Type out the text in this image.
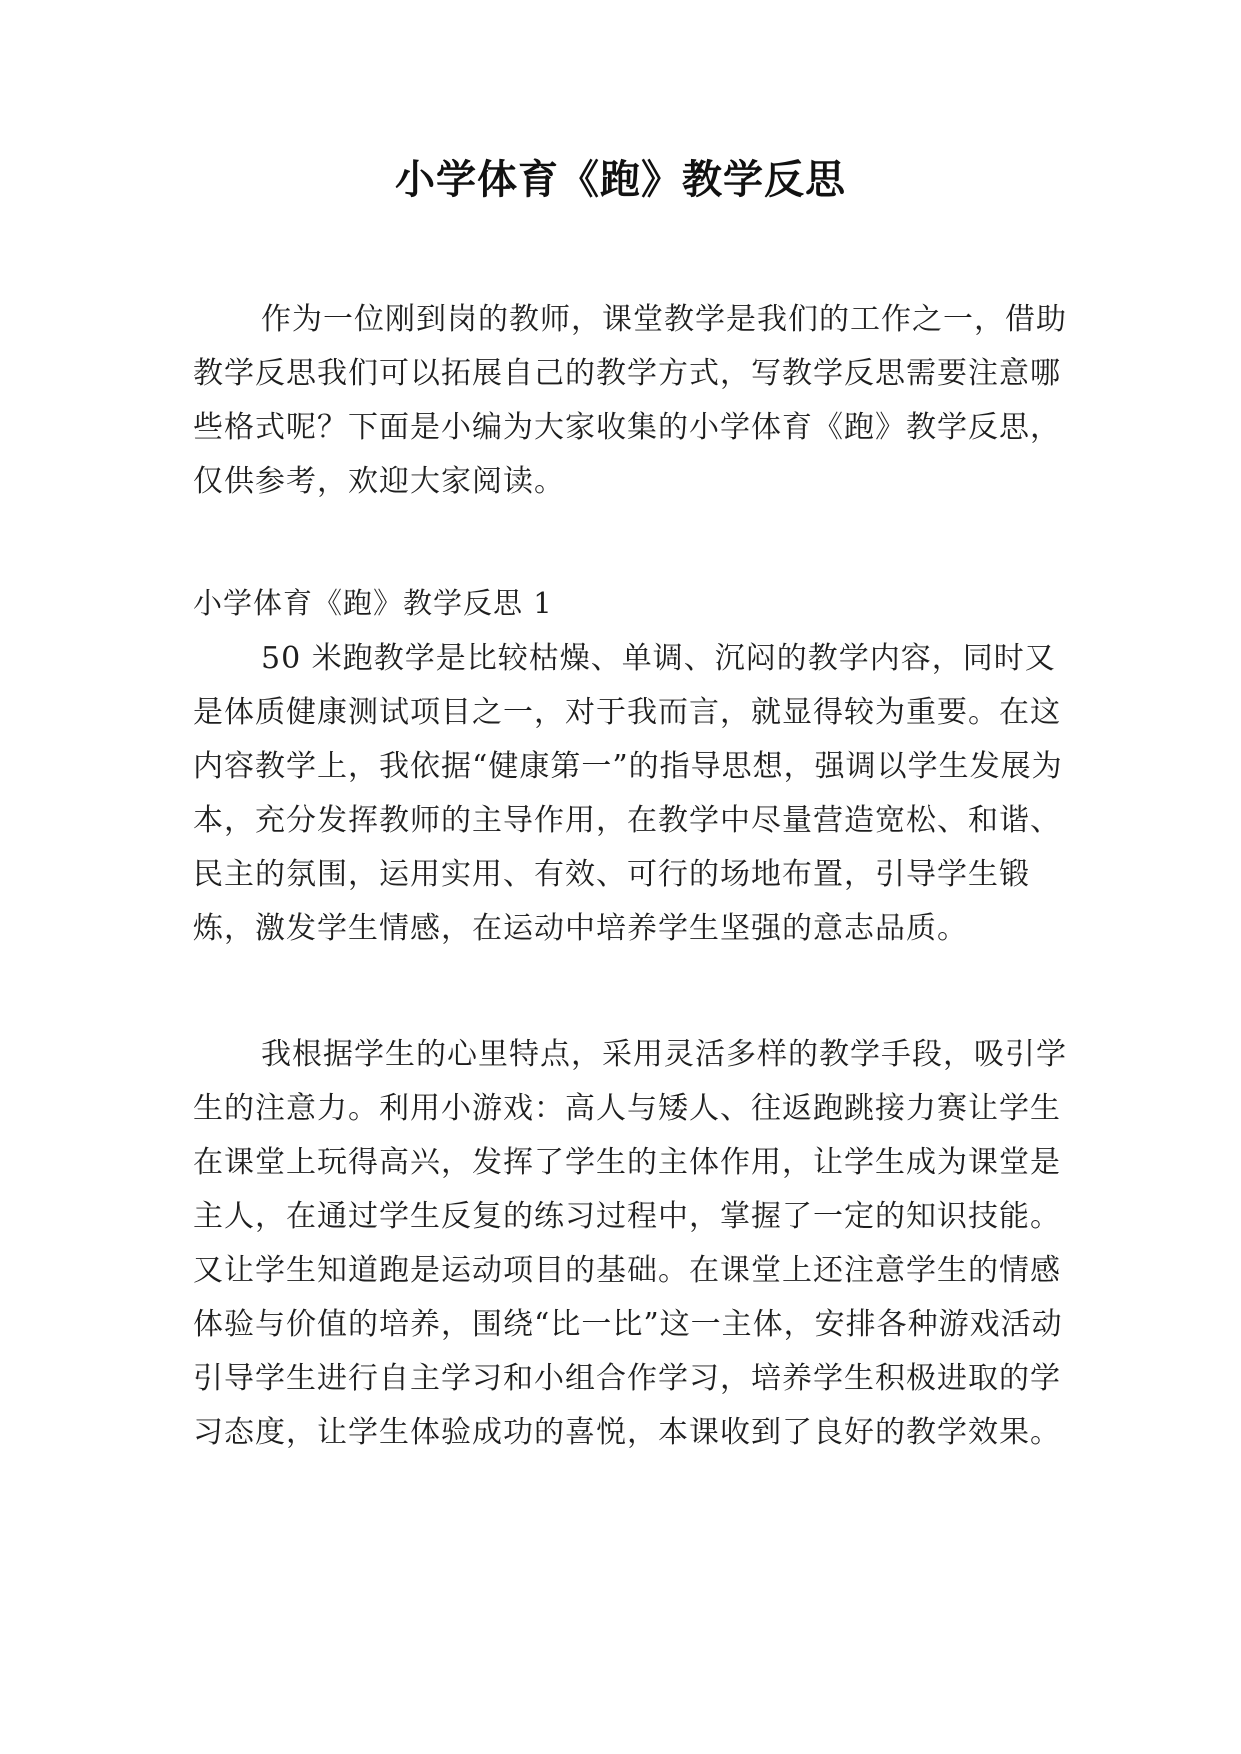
小学体育《跑》教学反思

作为一位刚到岗的教师，课堂教学是我们的工作之一，借助教学反思我们可以拓展自己的教学方式，写教学反思需要注意哪些格式呢？下面是小编为大家收集的小学体育《跑》教学反思，仅供参考，欢迎大家阅读。

小学体育《跑》教学反思 1

50 米跑教学是比较枯燥、单调、沉闷的教学内容，同时又是体质健康测试项目之一，对于我而言，就显得较为重要。在这内容教学上，我依据“健康第一”的指导思想，强调以学生发展为本，充分发挥教师的主导作用，在教学中尽量营造宽松、和谐、民主的氛围，运用实用、有效、可行的场地布置，引导学生锻炼，激发学生情感，在运动中培养学生坚强的意志品质。

我根据学生的心里特点，采用灵活多样的教学手段，吸引学生的注意力。利用小游戏：高人与矮人、往返跑跳接力赛让学生在课堂上玩得高兴，发挥了学生的主体作用，让学生成为课堂是主人，在通过学生反复的练习过程中，掌握了一定的知识技能。又让学生知道跑是运动项目的基础。在课堂上还注意学生的情感体验与价值的培养，围绕“比一比”这一主体，安排各种游戏活动引导学生进行自主学习和小组合作学习，培养学生积极进取的学习态度，让学生体验成功的喜悦，本课收到了良好的教学效果。
